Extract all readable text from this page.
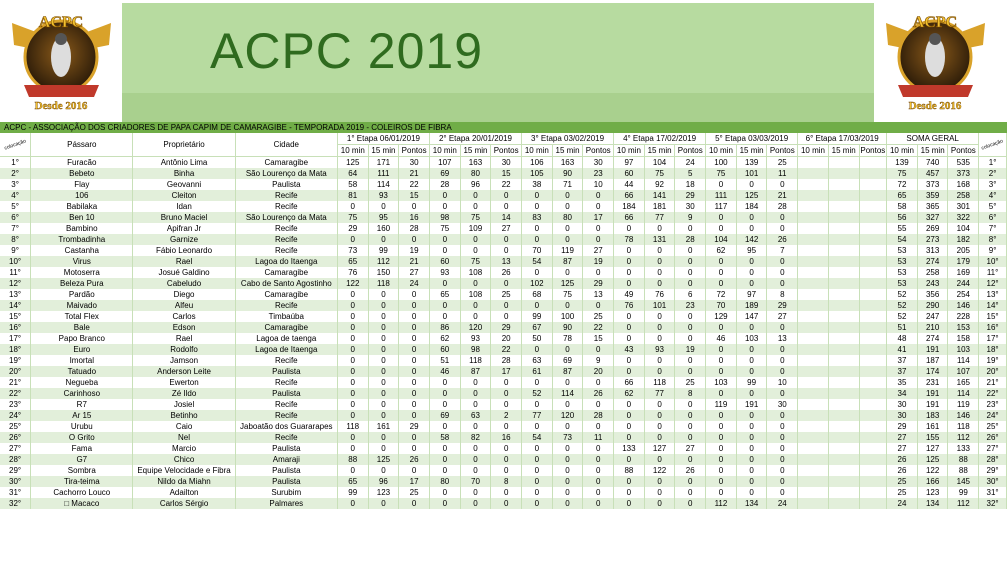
ACPC
Desde 2016
ACPC 2019
ACPC
Desde 2016
ACPC - ASSOCIAÇÃO DOS CRIADORES DE PAPA CAPIM DE CAMARAGIBE - TEMPORADA 2019 - COLEIROS DE FIBRA
colocação	Pássaro	Proprietário	Cidade	1° Etapa 06/01/2019			2° Etapa 20/01/2019			3° Etapa 03/02/2019			4° Etapa 17/02/2019			5° Etapa 03/03/2019			6° Etapa 17/03/2019			SOMA GERAL			colocação
				10 min	15 min	Pontos	10 min	15 min	Pontos	10 min	15 min	Pontos	10 min	15 min	Pontos	10 min	15 min	Pontos	10 min	15 min	Pontos	10 min	15 min	Pontos	
1°	Furacão	Antônio Lima	Camaragibe	125	171	30	107	163	30	106	163	30	97	104	24	100	139	25				139	740	535	1°
2°	Bebeto	Binha	São Lourenço da Mata	64	111	21	69	80	15	105	90	23	60	75	5	75	101	11				75	457	373	2°
3°	Flay	Geovanni	Paulista	58	114	22	28	96	22	38	71	10	44	92	18	0	0	0				72	373	168	3°
4°	106	Cleiton	Recife	81	93	15	0	0	0	0	0	0	66	141	29	111	125	21				65	359	258	4°
5°	Babilaka	Idan	Recife	0	0	0	0	0	0	0	0	0	184	181	30	117	184	28				58	365	301	5°
6°	Ben 10	Bruno Maciel	São Lourenço da Mata	75	95	16	98	75	14	83	80	17	66	77	9	0	0	0				56	327	322	6°
7°	Bambino	Apifran Jr	Recife	29	160	28	75	109	27	0	0	0	0	0	0	0	0	0				55	269	104	7°
8°	Trombadinha	Garnize	Recife	0	0	0	0	0	0	0	0	0	78	131	28	104	142	26				54	273	182	8°
9°	Castanha	Fábio Leonardo	Recife	73	99	19	0	0	0	70	119	27	0	0	0	62	95	7				53	313	205	9°
10°	Virus	Rael	Lagoa do Itaenga	65	112	21	60	75	13	54	87	19	0	0	0	0	0	0				53	274	179	10°
11°	Motoserra	Josué Galdino	Camaragibe	76	150	27	93	108	26	0	0	0	0	0	0	0	0	0				53	258	169	11°
12°	Beleza Pura	Cabeludo	Cabo de Santo Agostinho	122	118	24	0	0	0	102	125	29	0	0	0	0	0	0				53	243	244	12°
13°	Pardão	Diego	Camaragibe	0	0	0	65	108	25	68	75	13	49	76	6	72	97	8				52	356	254	13°
14°	Maivado	Alfeu	Recife	0	0	0	0	0	0	0	0	0	76	101	23	70	189	29				52	290	146	14°
15°	Total Flex	Carlos	Timbaúba	0	0	0	0	0	0	99	100	25	0	0	0	129	147	27				52	247	228	15°
16°	Bale	Edson	Camaragibe	0	0	0	86	120	29	67	90	22	0	0	0	0	0	0				51	210	153	16°
17°	Papo Branco	Rael	Lagoa de taenga	0	0	0	62	93	20	50	78	15	0	0	0	46	103	13				48	274	158	17°
18°	Euro	Rodolfo	Lagoa de Itaenga	0	0	0	60	98	22	0	0	0	43	93	19	0	0	0				41	191	103	18°
19°	Imortal	Jamson	Recife	0	0	0	51	118	28	63	69	9	0	0	0	0	0	0				37	187	114	19°
20°	Tatuado	Anderson Leite	Paulista	0	0	0	46	87	17	61	87	20	0	0	0	0	0	0				37	174	107	20°
21°	Negueba	Ewerton	Recife	0	0	0	0	0	0	0	0	0	66	118	25	103	99	10				35	231	165	21°
22°	Carinhoso	Zé Ildo	Paulista	0	0	0	0	0	0	52	114	26	62	77	8	0	0	0				34	191	114	22°
23°	R7	Josiel	Recife	0	0	0	0	0	0	0	0	0	0	0	0	119	191	30				30	191	119	23°
24°	Ar 15	Betinho	Recife	0	0	0	69	63	2	77	120	28	0	0	0	0	0	0				30	183	146	24°
25°	Urubu	Caio	Jaboatão dos Guararapes	118	161	29	0	0	0	0	0	0	0	0	0	0	0	0				29	161	118	25°
26°	O Grito	Nel	Recife	0	0	0	58	82	16	54	73	11	0	0	0	0	0	0				27	155	112	26°
27°	Fama	Marcio	Paulista	0	0	0	0	0	0	0	0	0	133	127	27	0	0	0				27	127	133	27°
28°	G7	Chico	Amaraji	88	125	26	0	0	0	0	0	0	0	0	0	0	0	0				26	125	88	28°
29°	Sombra	Equipe Velocidade e Fibra	Paulista	0	0	0	0	0	0	0	0	0	88	122	26	0	0	0				26	122	88	29°
30°	Tira-teima	Nildo da Miahn	Paulista	65	96	17	80	70	8	0	0	0	0	0	0	0	0	0				25	166	145	30°
31°	Cachorro Louco	Adailton	Surubim	99	123	25	0	0	0	0	0	0	0	0	0	0	0	0				25	123	99	31°
32°	□ Macaco	Carlos Sérgio	Palmares	0	0	0	0	0	0	0	0	0	0	0	0	112	134	24				24	134	112	32°
